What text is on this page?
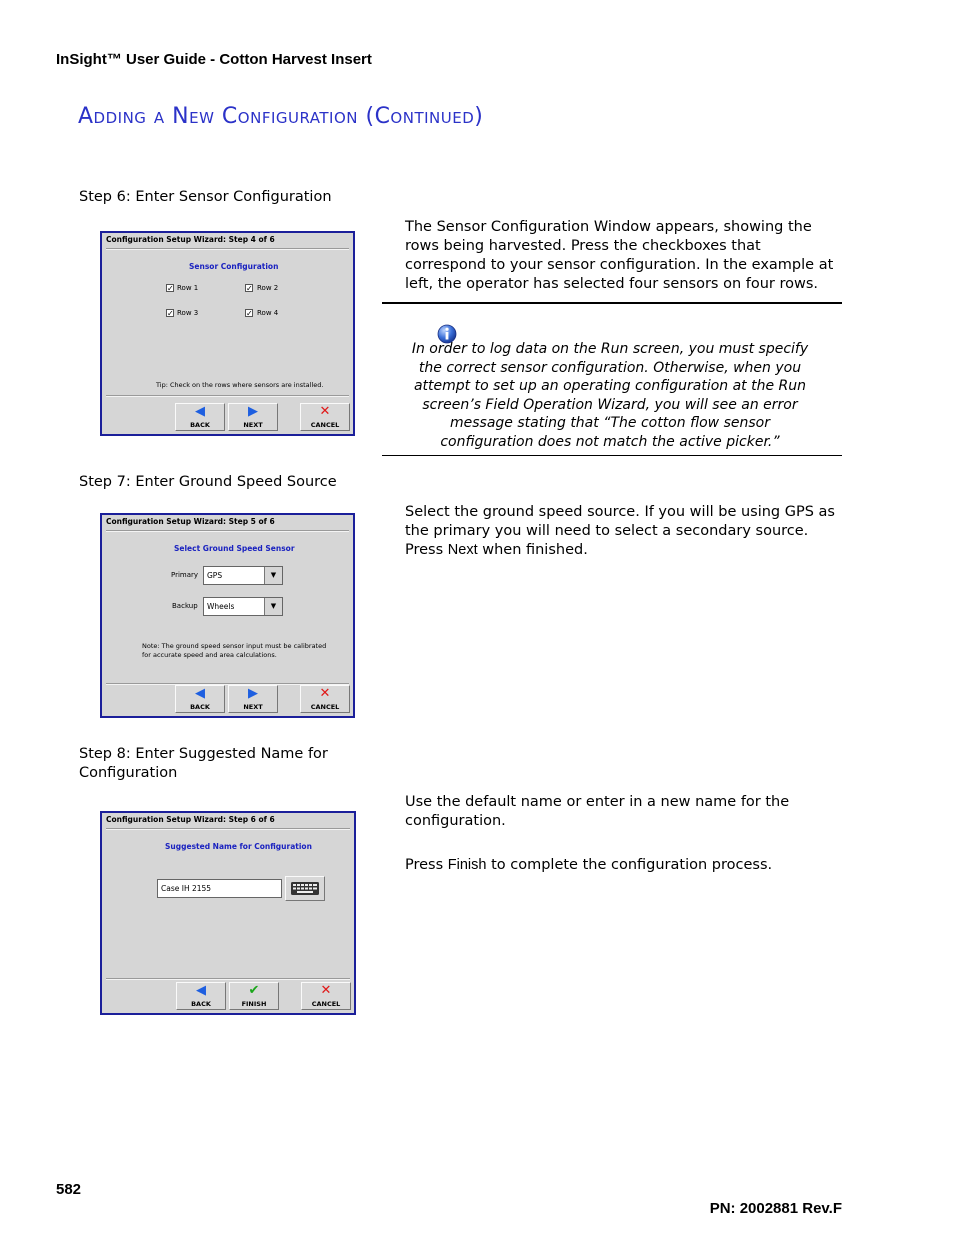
InSight™ User Guide - Cotton Harvest Insert
Adding a New Configuration (Continued)
Step 6: Enter Sensor Configuration
Configuration Setup Wizard: Step 4 of 6
Sensor Configuration
✓ Row 1	✓ Row 2
✓ Row 3	✓ Row 4
Tip: Check on the rows where sensors are installed.
◀
BACK
▶
NEXT
✕
CANCEL
The Sensor Configuration Window appears, showing the rows being harvested. Press the checkboxes that correspond to your sensor configuration. In the example at left, the operator has selected four sensors on four rows.
In order to log data on the Run screen, you must specify the correct sensor configuration. Otherwise, when you attempt to set up an operating configuration at the Run screen’s Field Operation Wizard, you will see an error message stating that “The cotton flow sensor configuration does not match the active picker.”
Step 7: Enter Ground Speed Source
Configuration Setup Wizard: Step 5 of 6
Select Ground Speed Sensor
Primary	GPS	▼
Backup	Wheels	▼
Note: The ground speed sensor input must be calibrated
for accurate speed and area calculations.
◀
BACK
▶
NEXT
✕
CANCEL
Select the ground speed source. If you will be using GPS as the primary you will need to select a secondary source. Press Next when finished.
Step 8: Enter Suggested Name for
Configuration
Configuration Setup Wizard: Step 6 of 6
Suggested Name for Configuration
Case IH 2155
◀
BACK
✔
FINISH
✕
CANCEL
Use the default name or enter in a new name for the configuration.
Press Finish to complete the configuration process.
582
PN: 2002881 Rev.F
